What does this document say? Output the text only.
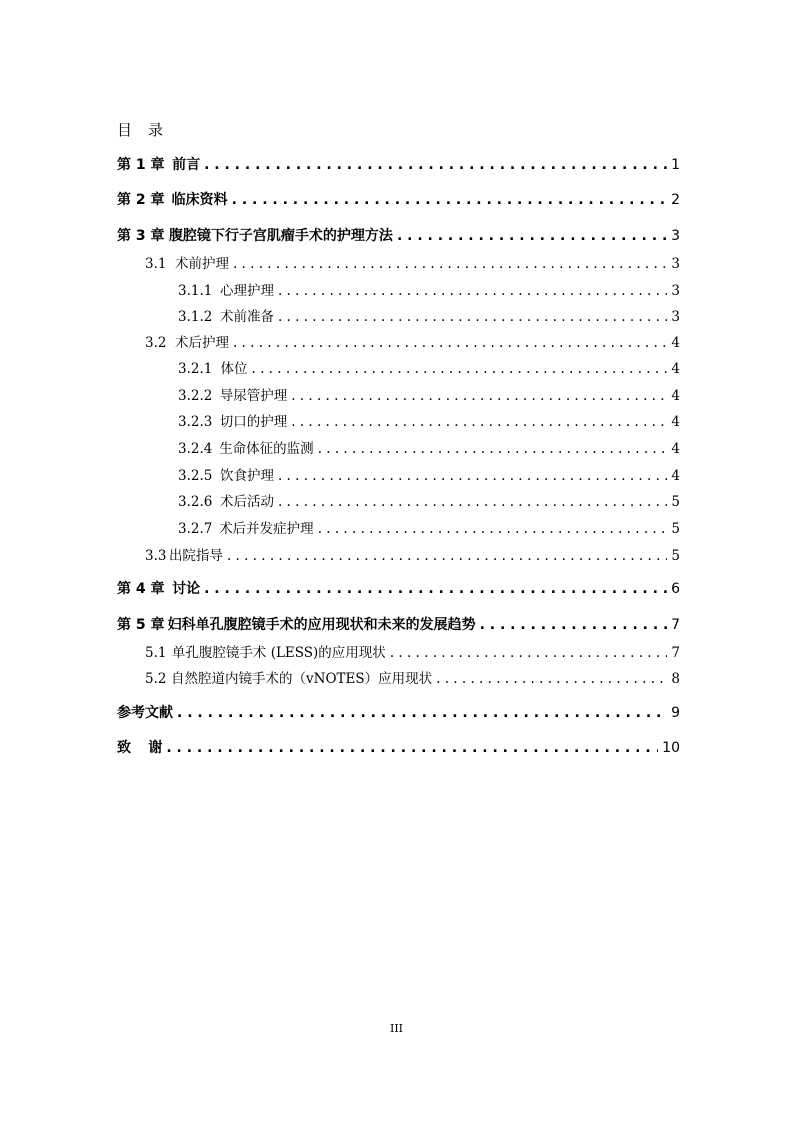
目 录
第 1 章 前言 . . .	1
第 2 章 临床资料 . . .	2
第 3 章 腹腔镜下行子宫肌瘤手术的护理方法 . . .	3
3.1 术前护理 . . .	3
3.1.1 心理护理 . . .	3
3.1.2 术前准备 . . .	3
3.2 术后护理 . . .	4
3.2.1 体位 . . .	4
3.2.2 导尿管护理 . . .	4
3.2.3 切口的护理 . . .	4
3.2.4 生命体征的监测 . . .	4
3.2.5 饮食护理 . . .	4
3.2.6 术后活动 . . .	5
3.2.7 术后并发症护理 . . .	5
3.3 出院指导 . . .	5
第 4 章 讨论 . . .	6
第 5 章 妇科单孔腹腔镜手术的应用现状和未来的发展趋势 . . .	7
5.1 单孔腹腔镜手术 (LESS)的应用现状 . . .	7
5.2 自然腔道内镜手术的（vNOTES）应用现状 . . .	8
参考文献 . . .	9
致 谢 . . .	10
III
